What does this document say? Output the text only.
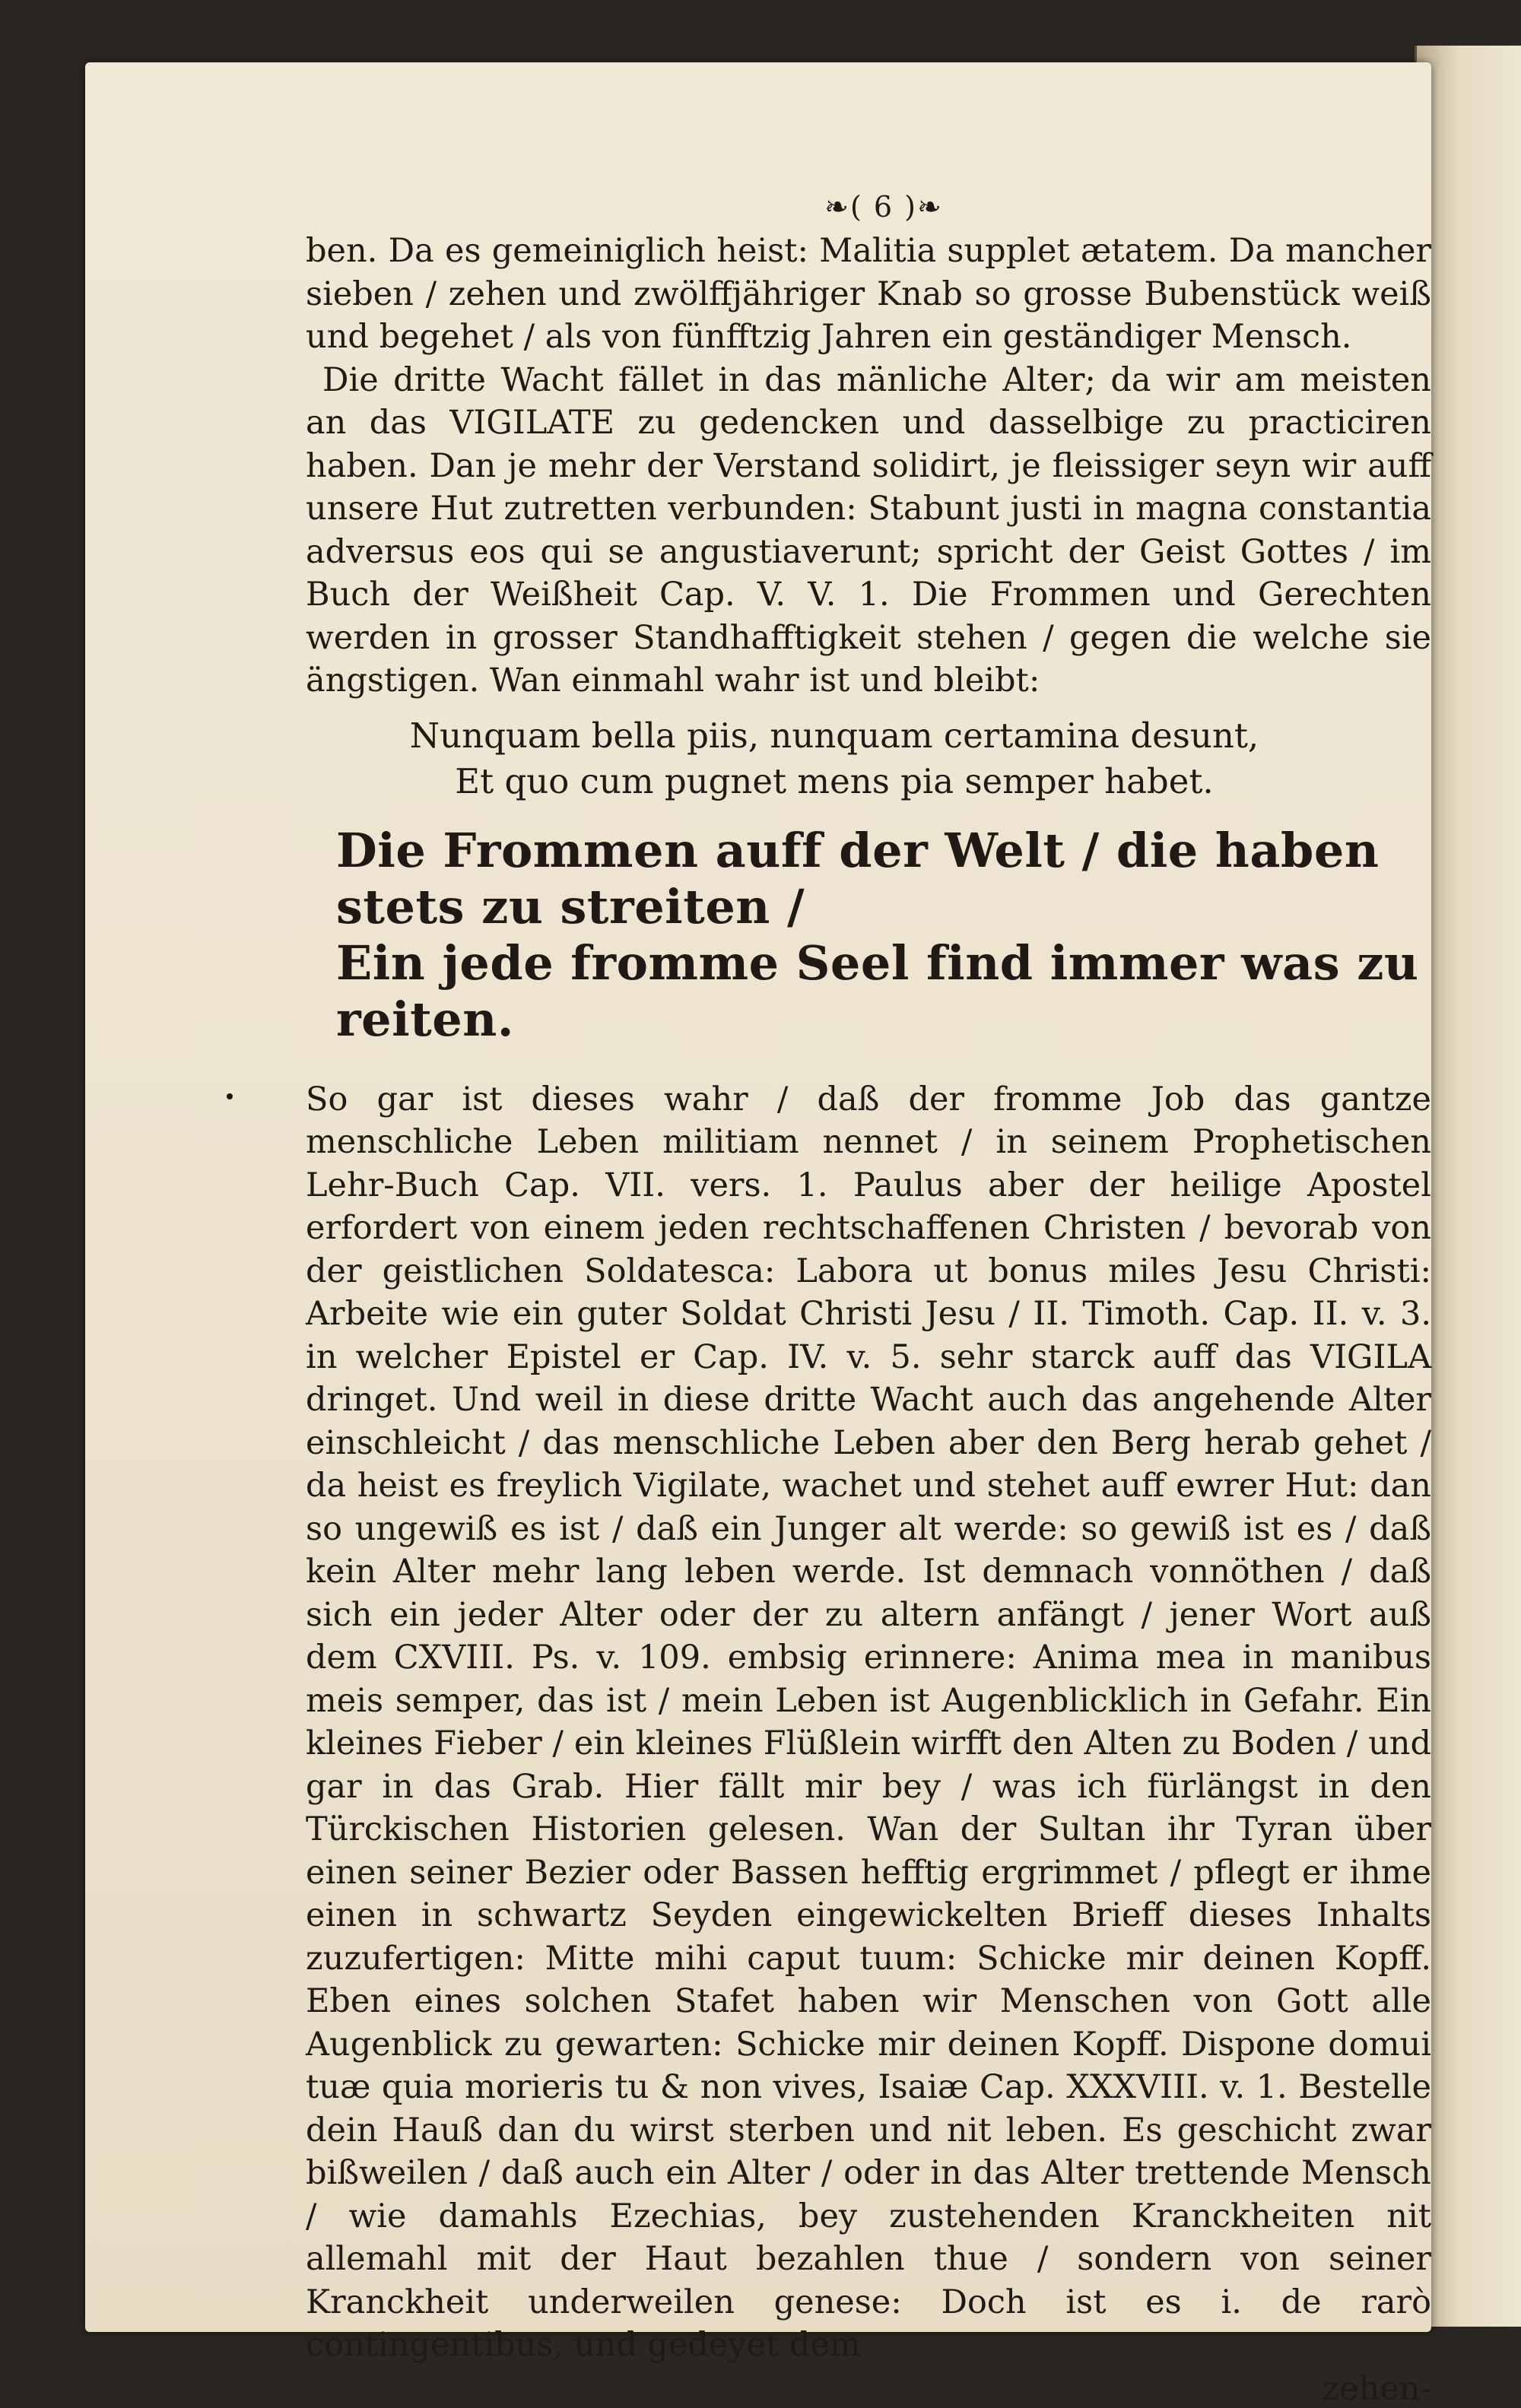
❧( 6 )❧

ben. Da es gemeiniglich heist: Malitia supplet ætatem. Da mancher sieben / zehen und zwölffjähriger Knab so grosse Bubenstück weiß und begehet / als von fünfftzig Jahren ein geständiger Mensch.

Die dritte Wacht fället in das mänliche Alter; da wir am meisten an das VIGILATE zu gedencken und dasselbige zu practiciren haben. Dan je mehr der Verstand solidirt, je fleissiger seyn wir auff unsere Hut zutretten verbunden: Stabunt justi in magna constantia adversus eos qui se angustiaverunt; spricht der Geist Gottes / im Buch der Weißheit Cap. V. V. 1. Die Frommen und Gerechten werden in grosser Standhafftigkeit stehen / gegen die welche sie ängstigen. Wan einmahl wahr ist und bleibt:

Nunquam bella piis, nunquam certamina desunt,
Et quo cum pugnet mens pia semper habet.
Die Frommen auff der Welt / die haben stets zu streiten /
Ein jede fromme Seel find immer was zu reiten.

So gar ist dieses wahr / daß der fromme Job das gantze menschliche Leben militiam nennet / in seinem Prophetischen Lehr-Buch Cap. VII. vers. 1. Paulus aber der heilige Apostel erfordert von einem jeden rechtschaffenen Christen / bevorab von der geistlichen Soldatesca: Labora ut bonus miles Jesu Christi: Arbeite wie ein guter Soldat Christi Jesu / II. Timoth. Cap. II. v. 3. in welcher Epistel er Cap. IV. v. 5. sehr starck auff das VIGILA dringet. Und weil in diese dritte Wacht auch das angehende Alter einschleicht / das menschliche Leben aber den Berg herab gehet / da heist es freylich Vigilate, wachet und stehet auff ewrer Hut: dan so ungewiß es ist / daß ein Junger alt werde: so gewiß ist es / daß kein Alter mehr lang leben werde. Ist demnach vonnöthen / daß sich ein jeder Alter oder der zu altern anfängt / jener Wort auß dem CXVIII. Ps. v. 109. embsig erinnere: Anima mea in manibus meis semper, das ist / mein Leben ist Augenblicklich in Gefahr. Ein kleines Fieber / ein kleines Flüßlein wirfft den Alten zu Boden / und gar in das Grab. Hier fällt mir bey / was ich fürlängst in den Türckischen Historien gelesen. Wan der Sultan ihr Tyran über einen seiner Bezier oder Bassen hefftig ergrimmet / pflegt er ihme einen in schwartz Seyden eingewickelten Brieff dieses Inhalts zuzufertigen: Mitte mihi caput tuum: Schicke mir deinen Kopff. Eben eines solchen Stafet haben wir Menschen von Gott alle Augenblick zu gewarten: Schicke mir deinen Kopff. Dispone domui tuæ quia morieris tu & non vives, Isaiæ Cap. XXXVIII. v. 1. Bestelle dein Hauß dan du wirst sterben und nit leben. Es geschicht zwar bißweilen / daß auch ein Alter / oder in das Alter trettende Mensch / wie damahls Ezechias, bey zustehenden Kranckheiten nit allemahl mit der Haut bezahlen thue / sondern von seiner Kranckheit underweilen genese: Doch ist es i. de rarò contingentibus, und gedeyet dem

zehen-
